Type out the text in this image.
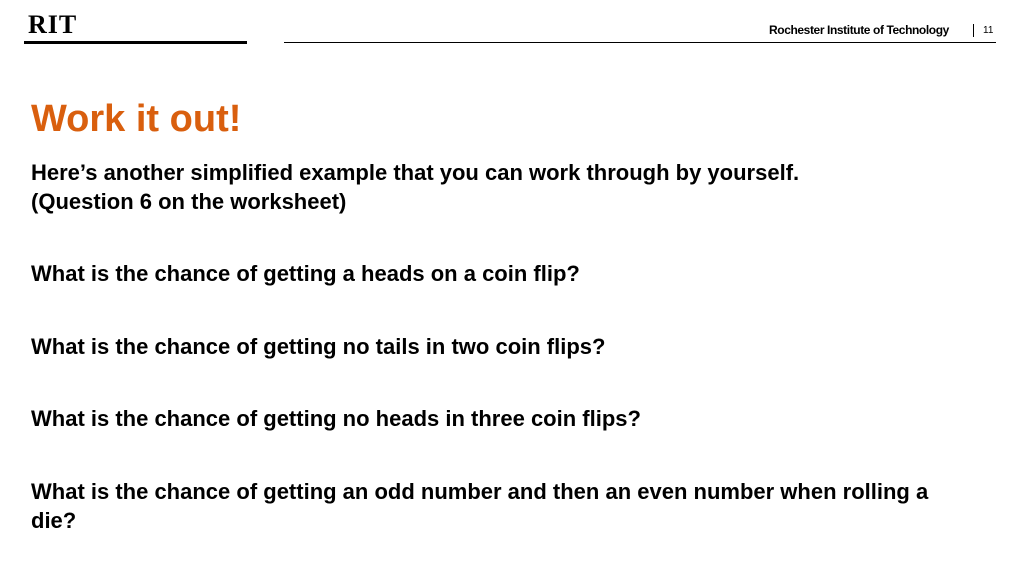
RIT	Rochester Institute of Technology	11
Work it out!
Here’s another simplified example that you can work through by yourself.
(Question 6 on the worksheet)
What is the chance of getting a heads on a coin flip?
What is the chance of getting no tails in two coin flips?
What is the chance of getting no heads in three coin flips?
What is the chance of getting an odd number and then an even number when rolling a die?
